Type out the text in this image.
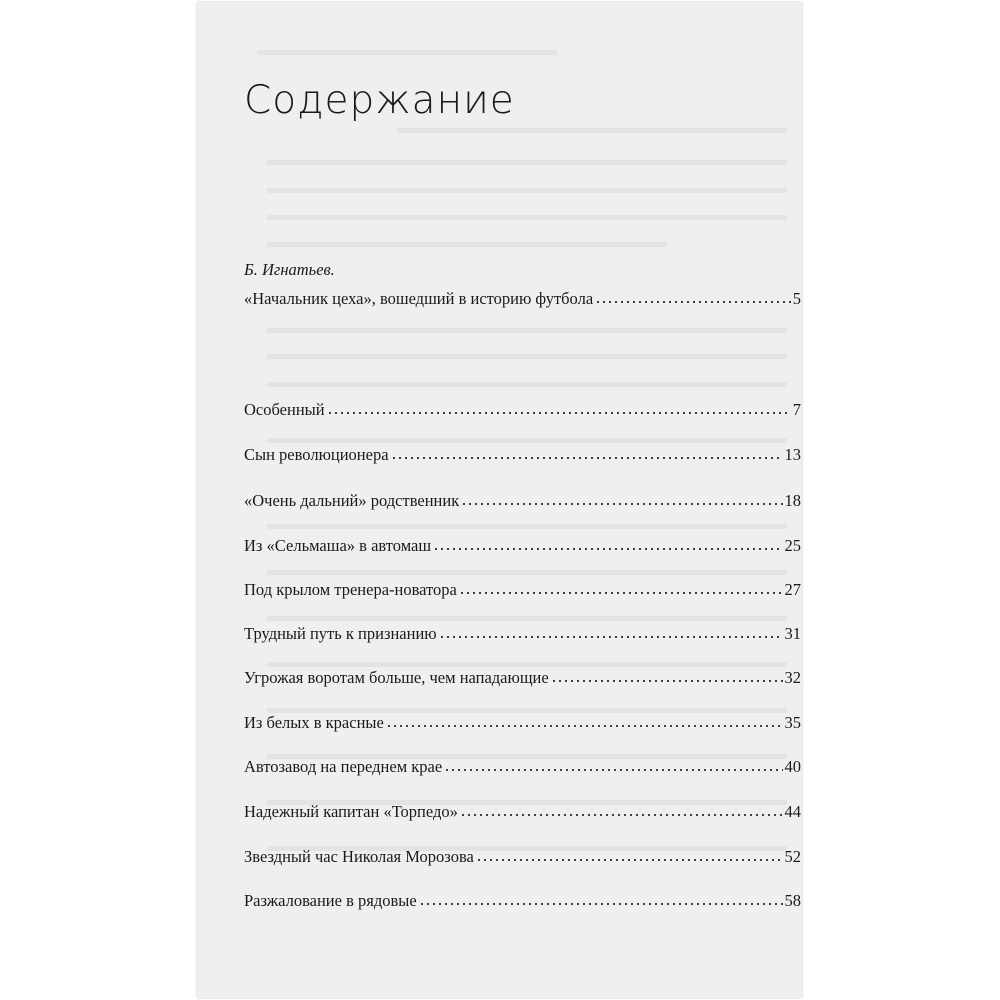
Содержание
Б. Игнатьев.
«Начальник цеха», вошедший в историю футбола	5
Особенный	7
Сын революционера	13
«Очень дальний» родственник	18
Из «Сельмаша» в автомаш	25
Под крылом тренера-новатора	27
Трудный путь к признанию	31
Угрожая воротам больше, чем нападающие	32
Из белых в красные	35
Автозавод на переднем крае	40
Надежный капитан «Торпедо»	44
Звездный час Николая Морозова	52
Разжалование в рядовые	58
